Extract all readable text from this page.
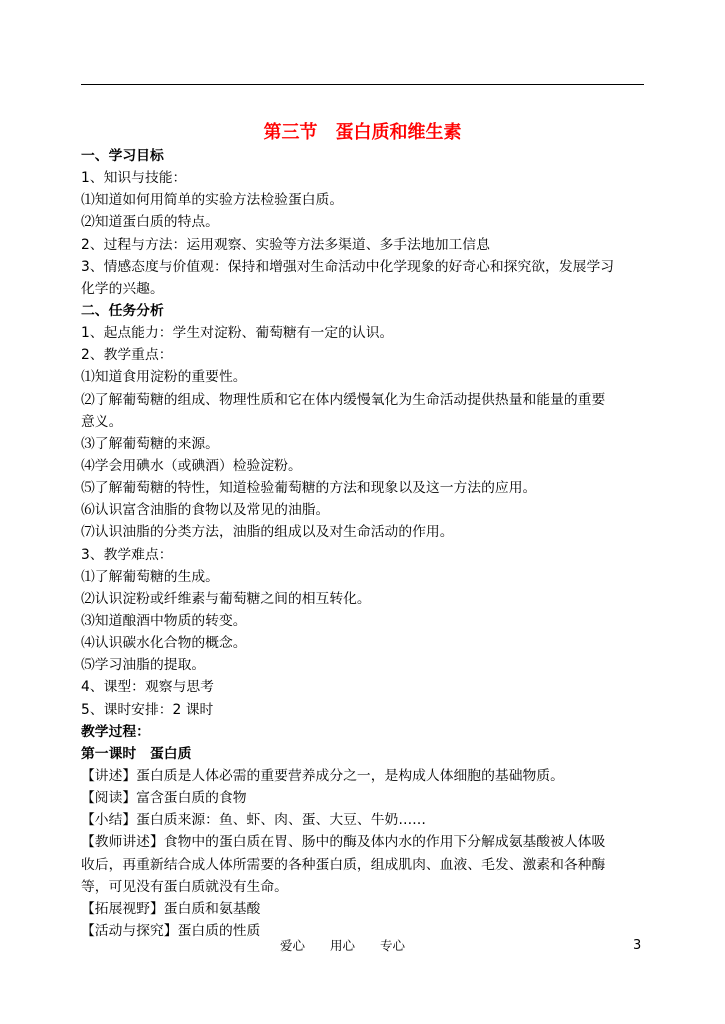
第三节　蛋白质和维生素
一、学习目标
1、知识与技能：
⑴知道如何用简单的实验方法检验蛋白质。
⑵知道蛋白质的特点。
2、过程与方法：运用观察、实验等方法多渠道、多手法地加工信息
3、情感态度与价值观：保持和增强对生命活动中化学现象的好奇心和探究欲，发展学习
化学的兴趣。
二、任务分析
1、起点能力：学生对淀粉、葡萄糖有一定的认识。
2、教学重点：
⑴知道食用淀粉的重要性。
⑵了解葡萄糖的组成、物理性质和它在体内缓慢氧化为生命活动提供热量和能量的重要
意义。
⑶了解葡萄糖的来源。
⑷学会用碘水（或碘酒）检验淀粉。
⑸了解葡萄糖的特性，知道检验葡萄糖的方法和现象以及这一方法的应用。
⑹认识富含油脂的食物以及常见的油脂。
⑺认识油脂的分类方法，油脂的组成以及对生命活动的作用。
3、教学难点：
⑴了解葡萄糖的生成。
⑵认识淀粉或纤维素与葡萄糖之间的相互转化。
⑶知道酿酒中物质的转变。
⑷认识碳水化合物的概念。
⑸学习油脂的提取。
4、课型：观察与思考
5、课时安排：2 课时
教学过程：
第一课时　蛋白质
【讲述】蛋白质是人体必需的重要营养成分之一，是构成人体细胞的基础物质。
【阅读】富含蛋白质的食物
【小结】蛋白质来源：鱼、虾、肉、蛋、大豆、牛奶……
【教师讲述】食物中的蛋白质在胃、肠中的酶及体内水的作用下分解成氨基酸被人体吸
收后，再重新结合成人体所需要的各种蛋白质，组成肌肉、血液、毛发、激素和各种酶
等，可见没有蛋白质就没有生命。
【拓展视野】蛋白质和氨基酸
【活动与探究】蛋白质的性质
爱心　　用心　　专心	3
